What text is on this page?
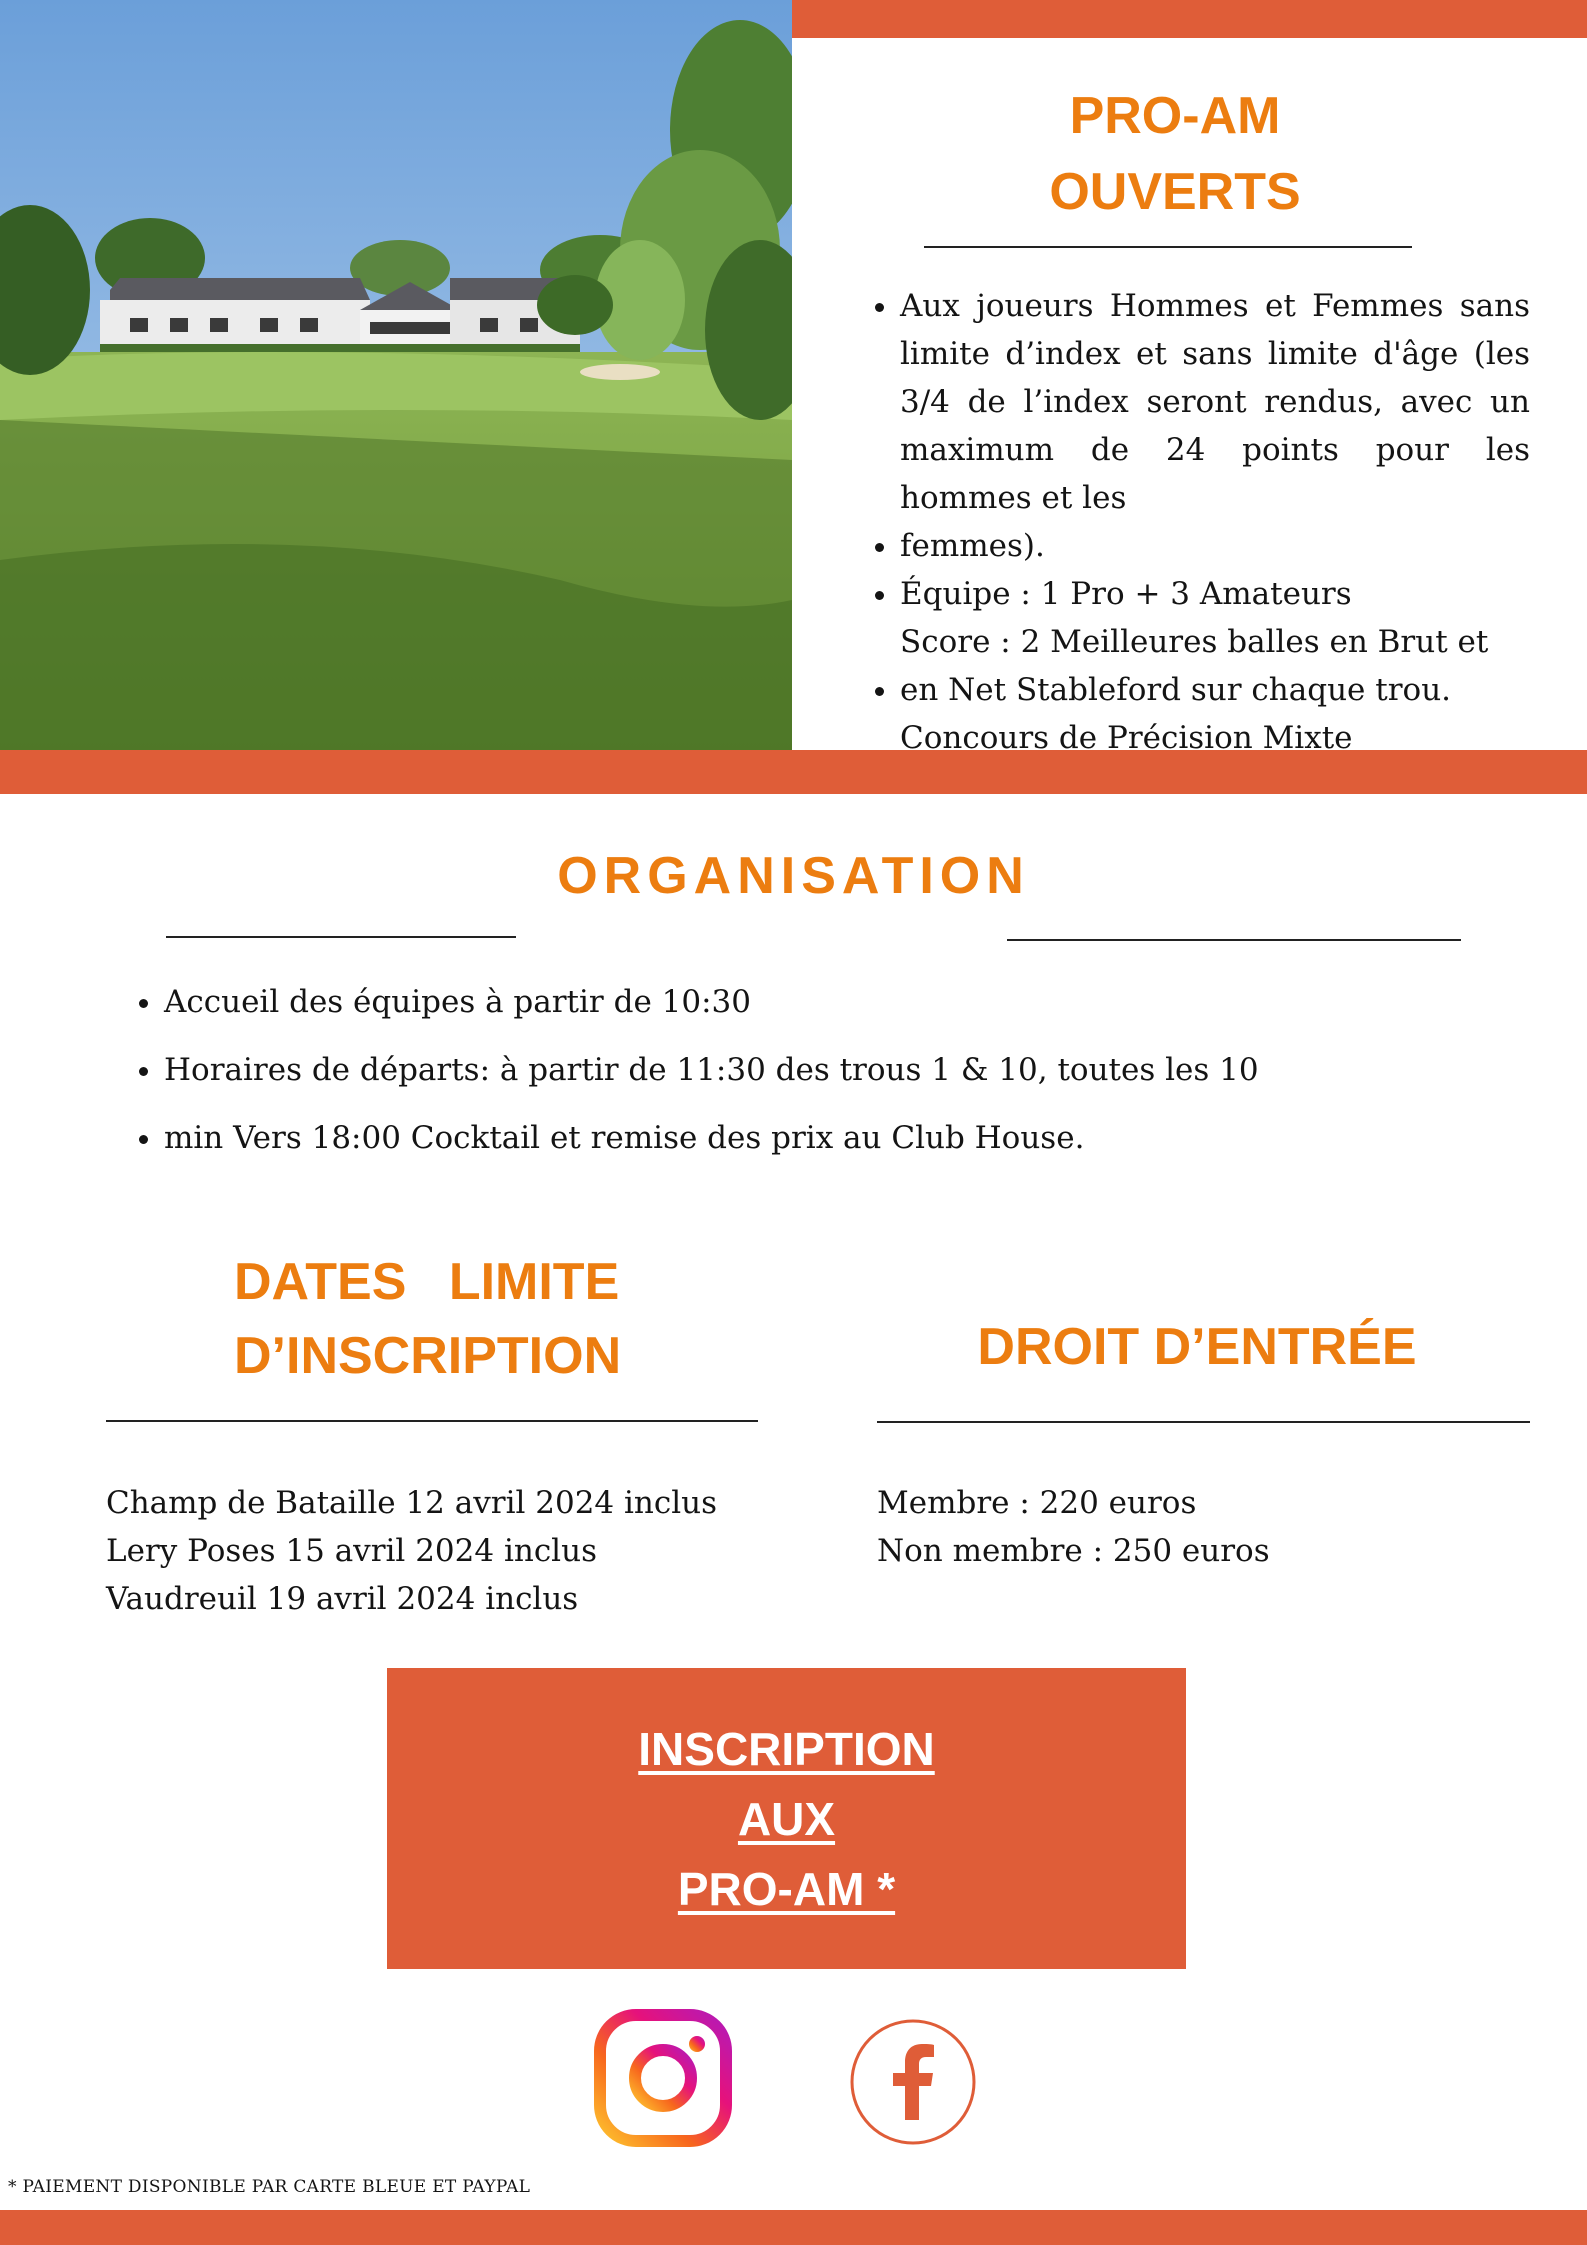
PRO-AM
OUVERTS
• Aux joueurs Hommes et Femmes sans limite d’index et sans limite d'âge (les 3/4 de l’index seront rendus, avec un maximum de 24 points pour les hommes et les
• femmes).
• Équipe : 1 Pro + 3 Amateurs
Score : 2 Meilleures balles en Brut et
• en Net Stableford sur chaque trou.
Concours de Précision Mixte
ORGANISATION
• Accueil des équipes à partir de 10:30
• Horaires de départs: à partir de 11:30 des trous 1 & 10, toutes les 10
• min Vers 18:00 Cocktail et remise des prix au Club House.
DATES LIMITE
D’INSCRIPTION	DROIT D’ENTRÉE
Champ de Bataille 12 avril 2024 inclus
Lery Poses 15 avril 2024 inclus
Vaudreuil 19 avril 2024 inclus
Membre : 220 euros
Non membre : 250 euros
INSCRIPTION
AUX
PRO-AM *
* PAIEMENT DISPONIBLE PAR CARTE BLEUE ET PAYPAL
